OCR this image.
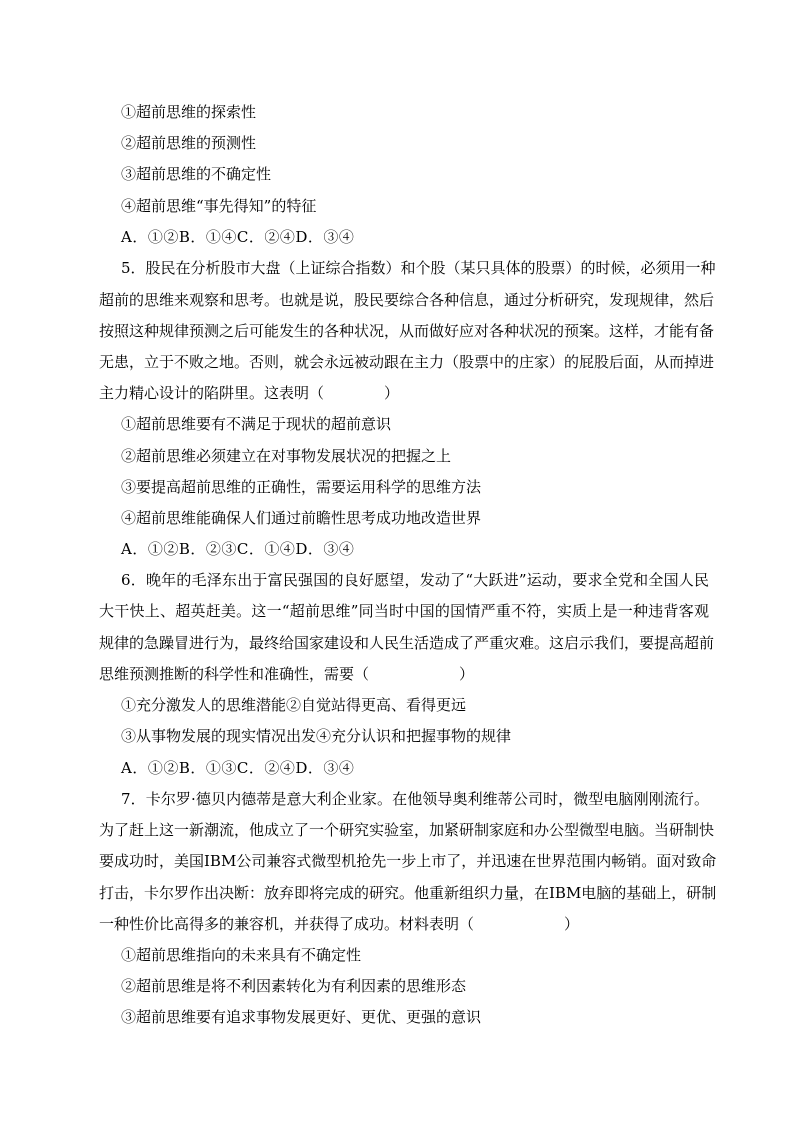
①超前思维的探索性
②超前思维的预测性
③超前思维的不确定性
④超前思维“事先得知”的特征
A．①②B．①④C．②④D．③④
5．股民在分析股市大盘（上证综合指数）和个股（某只具体的股票）的时候，必须用一种
超前的思维来观察和思考。也就是说，股民要综合各种信息，通过分析研究，发现规律，然后
按照这种规律预测之后可能发生的各种状况，从而做好应对各种状况的预案。这样，才能有备
无患，立于不败之地。否则，就会永远被动跟在主力（股票中的庄家）的屁股后面，从而掉进
主力精心设计的陷阱里。这表明（　　　　）
①超前思维要有不满足于现状的超前意识
②超前思维必须建立在对事物发展状况的把握之上
③要提高超前思维的正确性，需要运用科学的思维方法
④超前思维能确保人们通过前瞻性思考成功地改造世界
A．①②B．②③C．①④D．③④
6．晚年的毛泽东出于富民强国的良好愿望，发动了“大跃进”运动，要求全党和全国人民
大干快上、超英赶美。这一“超前思维”同当时中国的国情严重不符，实质上是一种违背客观
规律的急躁冒进行为，最终给国家建设和人民生活造成了严重灾难。这启示我们，要提高超前
思维预测推断的科学性和准确性，需要（　　　　　　）
①充分激发人的思维潜能②自觉站得更高、看得更远
③从事物发展的现实情况出发④充分认识和把握事物的规律
A．①②B．①③C．②④D．③④
7．卡尔罗·德贝内德蒂是意大利企业家。在他领导奥利维蒂公司时，微型电脑刚刚流行。
为了赶上这一新潮流，他成立了一个研究实验室，加紧研制家庭和办公型微型电脑。当研制快
要成功时，美国IBM公司兼容式微型机抢先一步上市了，并迅速在世界范围内畅销。面对致命
打击，卡尔罗作出决断：放弃即将完成的研究。他重新组织力量，在IBM电脑的基础上，研制
一种性价比高得多的兼容机，并获得了成功。材料表明（　　　　　　）
①超前思维指向的未来具有不确定性
②超前思维是将不利因素转化为有利因素的思维形态
③超前思维要有追求事物发展更好、更优、更强的意识
